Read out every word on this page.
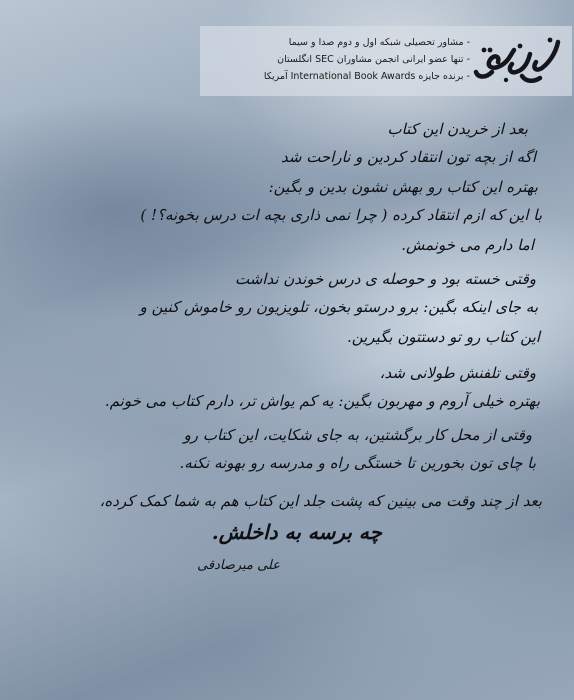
- مشاور تحصیلی شبکه اول و دوم صدا و سیما
- تنها عضو ایرانی انجمن مشاوران SEC انگلستان
- برنده جایزه International Book Awards آمریکا
بعد از خریدن این کتاب
اگه از بچه تون انتقاد کردین و ناراحت شد
بهتره این کتاب رو بهش نشون بدین و بگین:
با این که ازم انتقاد کرده ( چرا نمی ذاری بچه ات درس بخونه؟! )
اما دارم می خونمش.
وقتی خسته بود و حوصله ی درس خوندن نداشت
به جای اینکه بگین: برو درستو بخون، تلویزیون رو خاموش کنین و
این کتاب رو تو دستتون بگیرین.
وقتی تلفنش طولانی شد،
بهتره خیلی آروم و مهربون بگین: یه کم یواش تر، دارم کتاب می خونم.
وقتی از محل کار برگشتین، به جای شکایت، این کتاب رو
با چای تون بخورین تا خستگی راه و مدرسه رو بهونه نکنه.
بعد از چند وقت می بینین که پشت جلد این کتاب هم به شما کمک کرده،
چه برسه به داخلش.
علی میرصادقی
